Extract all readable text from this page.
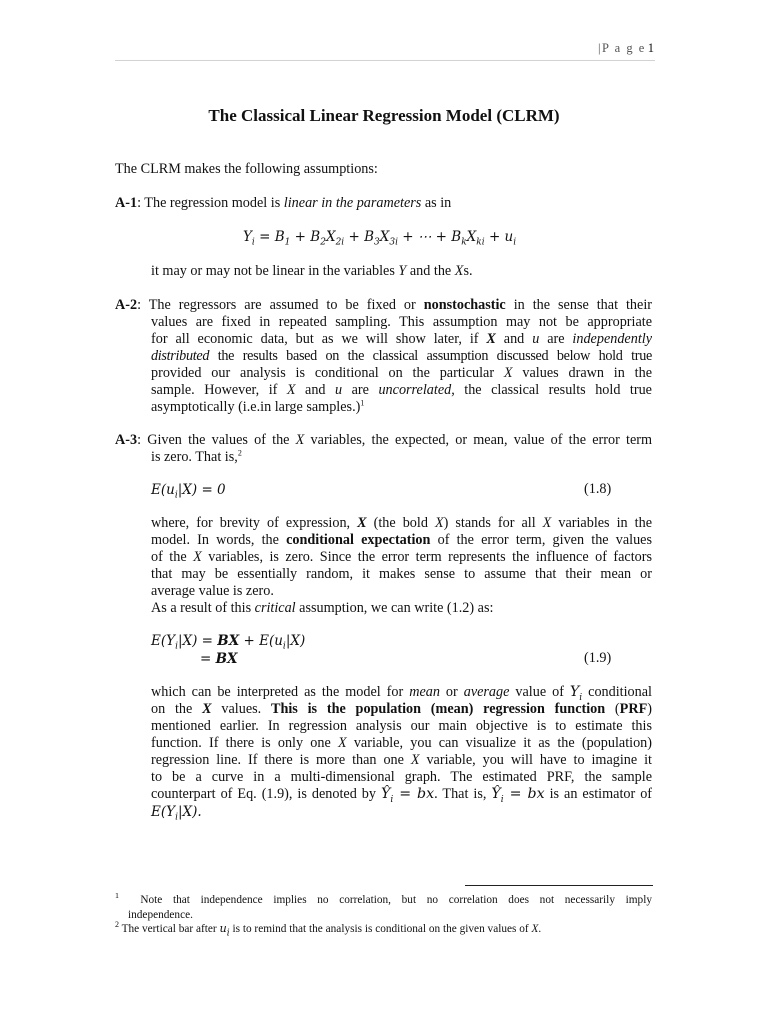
|P a g e 1
The Classical Linear Regression Model (CLRM)
The CLRM makes the following assumptions:
A-1: The regression model is linear in the parameters as in
$Y_i = B_1 + B_2X_{2i} + B_3X_{3i}$ + ⋯ + $B_kX_{ki} + u_i$
it may or may not be linear in the variables Y and the Xs.
A-2: The regressors are assumed to be fixed or nonstochastic in the sense that their
values are fixed in repeated sampling. This assumption may not be appropriate
for all economic data, but as we will show later, if X and u are independently
distributed the results based on the classical assumption discussed below hold true
provided our analysis is conditional on the particular X values drawn in the
sample. However, if X and u are uncorrelated, the classical results hold true
asymptotically (i.e.in large samples.)$^1$
A-3: Given the values of the X variables, the expected, or mean, value of the error term
is zero. That is,$^2$
$E(u_i|X) = 0$	(1.8)
where, for brevity of expression, X (the bold X) stands for all X variables in the
model. In words, the conditional expectation of the error term, given the values
of the X variables, is zero. Since the error term represents the influence of factors
that may be essentially random, it makes sense to assume that their mean or
average value is zero.
As a result of this critical assumption, we can write (1.2) as:
$E(Y_i|X)$ = BX + $E(u_i|X)$
= BX	(1.9)
which can be interpreted as the model for mean or average value of $Y_i$ conditional
on the X values. This is the population (mean) regression function (PRF)
mentioned earlier. In regression analysis our main objective is to estimate this
function. If there is only one X variable, you can visualize it as the (population)
regression line. If there is more than one X variable, you will have to imagine it
to be a curve in a multi-dimensional graph. The estimated PRF, the sample
counterpart of Eq. (1.9), is denoted by $Ŷ_i$ = bx. That is, $Ŷ_i$ = bx is an estimator of
$E(Y_i|X)$.
$^1$  Note that independence implies no correlation, but no correlation does not necessarily imply
independence.
$^2$ The vertical bar after $u_i$ is to remind that the analysis is conditional on the given values of X.
